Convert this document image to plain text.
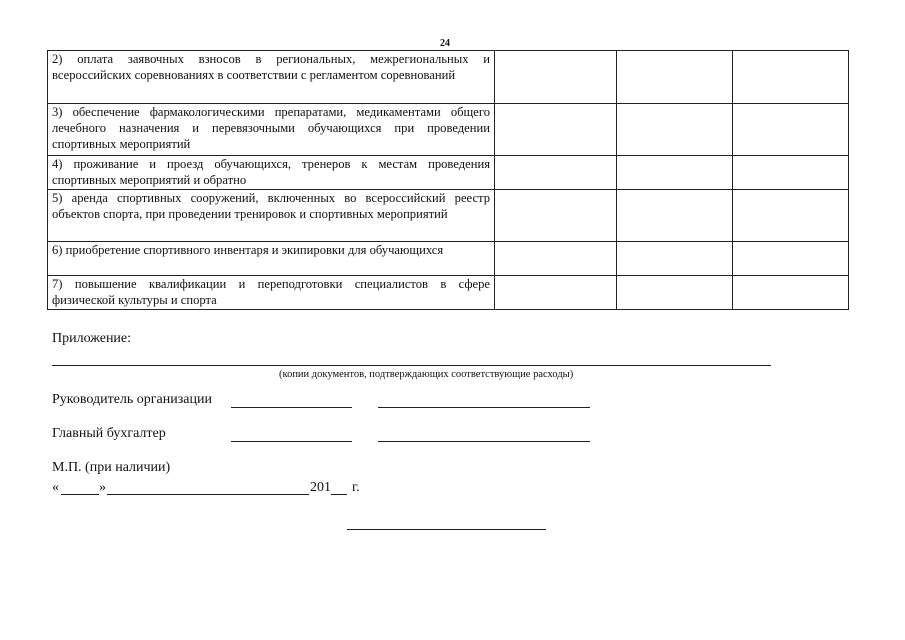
24
2) оплата заявочных взносов в региональных, межрегиональных и всероссийских соревнованиях в соответствии с регламентом соревнований			
3) обеспечение фармакологическими препаратами, медикаментами общего лечебного назначения и перевязочными обучающихся при проведении спортивных мероприятий			
4) проживание и проезд обучающихся, тренеров к местам проведения спортивных мероприятий и обратно			
5) аренда спортивных сооружений, включенных во всероссийский реестр объектов спорта, при проведении тренировок и спортивных мероприятий			
6) приобретение спортивного инвентаря и экипировки для обучающихся			
7) повышение квалификации и переподготовки специалистов в сфере физической культуры и спорта			
Приложение:
(копии документов, подтверждающих соответствующие расходы)
Руководитель организации
Главный бухгалтер
М.П. (при наличии)
«	»	201 г.
